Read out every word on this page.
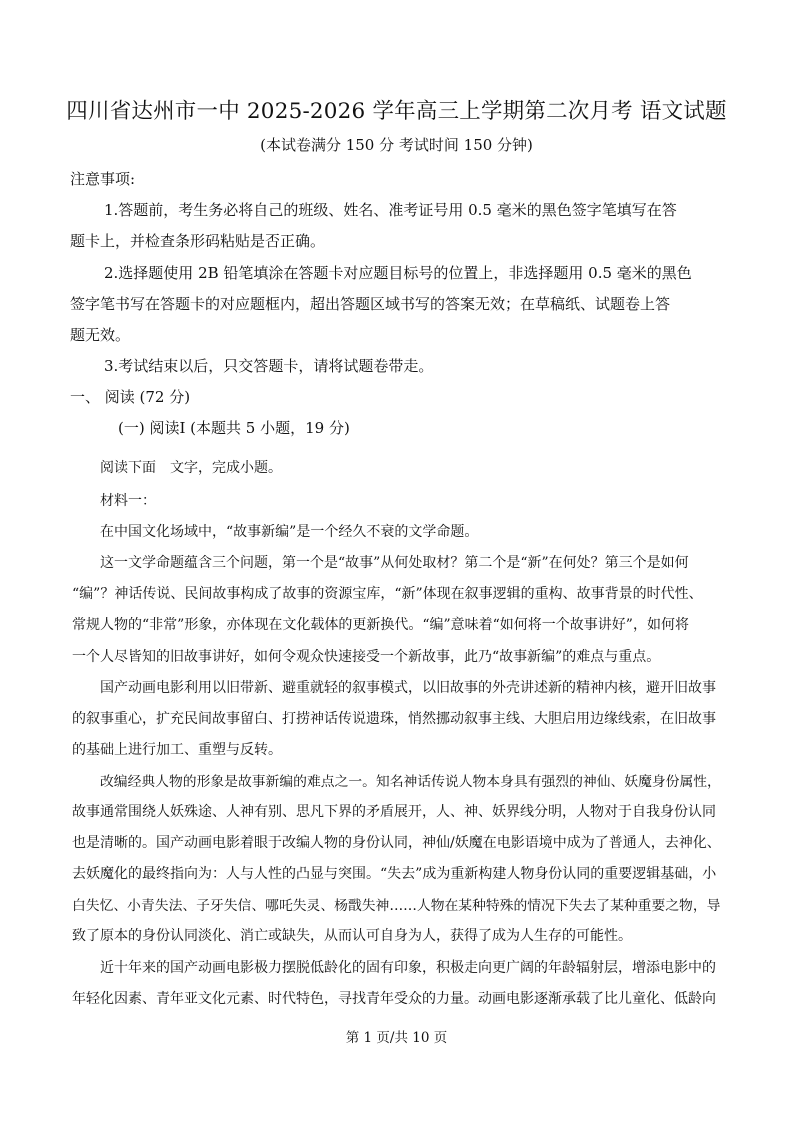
四川省达州市一中 2025-2026 学年高三上学期第二次月考 语文试题
(本试卷满分 150 分 考试时间 150 分钟)
注意事项:
1.答题前，考生务必将自己的班级、姓名、准考证号用 0.5 毫米的黑色签字笔填写在答
题卡上，并检查条形码粘贴是否正确。
2.选择题使用 2B 铅笔填涂在答题卡对应题目标号的位置上，非选择题用 0.5 毫米的黑色
签字笔书写在答题卡的对应题框内，超出答题区域书写的答案无效；在草稿纸、试题卷上答
题无效。
3.考试结束以后，只交答题卡，请将试题卷带走。
一、 阅读 (72 分)
(一) 阅读Ⅰ (本题共 5 小题，19 分)
阅读下面　文字，完成小题。
材料一：
在中国文化场域中，“故事新编”是一个经久不衰的文学命题。
这一文学命题蕴含三个问题，第一个是“故事”从何处取材？第二个是“新”在何处？第三个是如何
“编”？神话传说、民间故事构成了故事的资源宝库，“新”体现在叙事逻辑的重构、故事背景的时代性、
常规人物的“非常”形象，亦体现在文化载体的更新换代。“编”意味着“如何将一个故事讲好”，如何将
一个人尽皆知的旧故事讲好，如何令观众快速接受一个新故事，此乃“故事新编”的难点与重点。
国产动画电影利用以旧带新、避重就轻的叙事模式，以旧故事的外壳讲述新的精神内核，避开旧故事
的叙事重心，扩充民间故事留白、打捞神话传说遗珠，悄然挪动叙事主线、大胆启用边缘线索，在旧故事
的基础上进行加工、重塑与反转。
改编经典人物的形象是故事新编的难点之一。知名神话传说人物本身具有强烈的神仙、妖魔身份属性，
故事通常围绕人妖殊途、人神有别、思凡下界的矛盾展开，人、神、妖界线分明，人物对于自我身份认同
也是清晰的。国产动画电影着眼于改编人物的身份认同，神仙/妖魔在电影语境中成为了普通人，去神化、
去妖魔化的最终指向为：人与人性的凸显与突围。“失去”成为重新构建人物身份认同的重要逻辑基础，小
白失忆、小青失法、子牙失信、哪吒失灵、杨戬失神……人物在某种特殊的情况下失去了某种重要之物，导
致了原本的身份认同淡化、消亡或缺失，从而认可自身为人，获得了成为人生存的可能性。
近十年来的国产动画电影极力摆脱低龄化的固有印象，积极走向更广阔的年龄辐射层，增添电影中的
年轻化因素、青年亚文化元素、时代特色，寻找青年受众的力量。动画电影逐渐承载了比儿童化、低龄向
第 1 页/共 10 页
